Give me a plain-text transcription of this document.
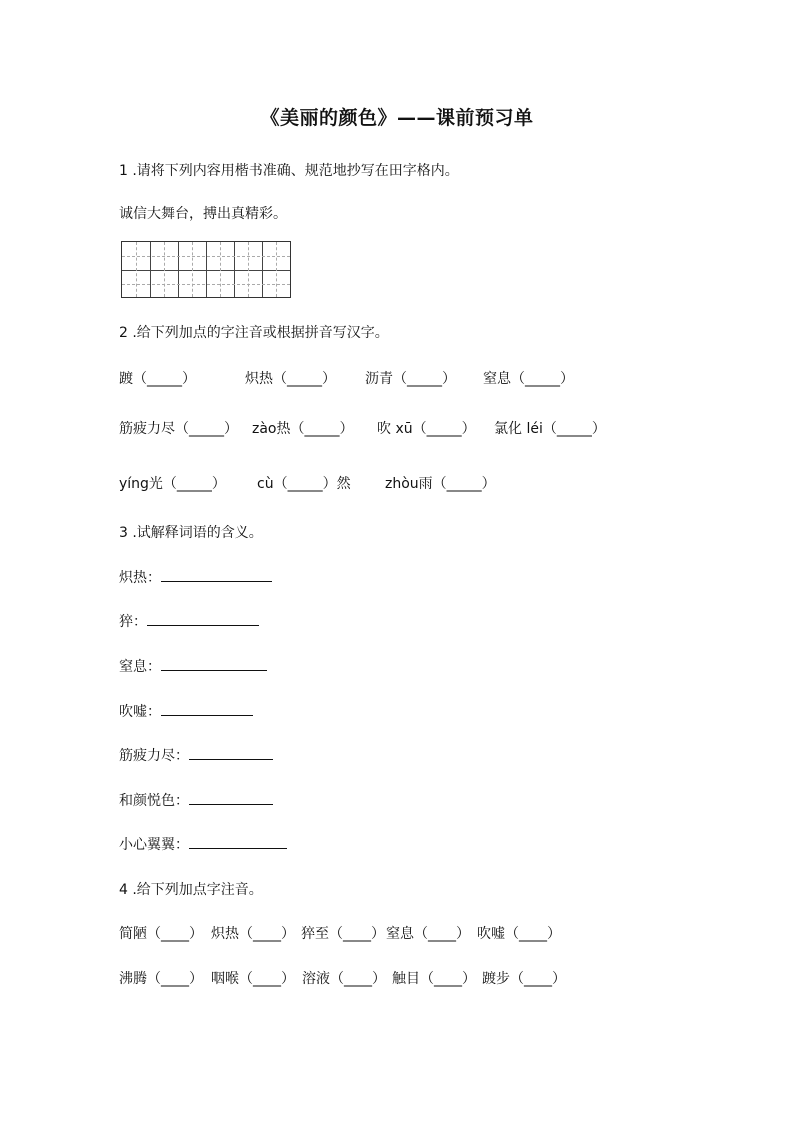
《美丽的颜色》——课前预习单
1 .请将下列内容用楷书准确、规范地抄写在田字格内。
诚信大舞台，搏出真精彩。
2 .给下列加点的字注音或根据拼音写汉字。
踱（_____）	炽热（_____） 沥青（_____） 窒息（_____）
筋疲力尽（_____） zào热（_____） 吹 xū（_____） 氯化 léi（_____）
yíng光（_____） cù（_____）然 zhòu雨（_____）
3 .试解释词语的含义。
炽热：
猝：
窒息：
吹嘘：
筋疲力尽：
和颜悦色：
小心翼翼：
4 .给下列加点字注音。
简陋（____） 炽热（____） 猝至（____） 窒息（____） 吹嘘（____）
沸腾（____） 咽喉（____） 溶液（____） 触目（____） 踱步（____）
